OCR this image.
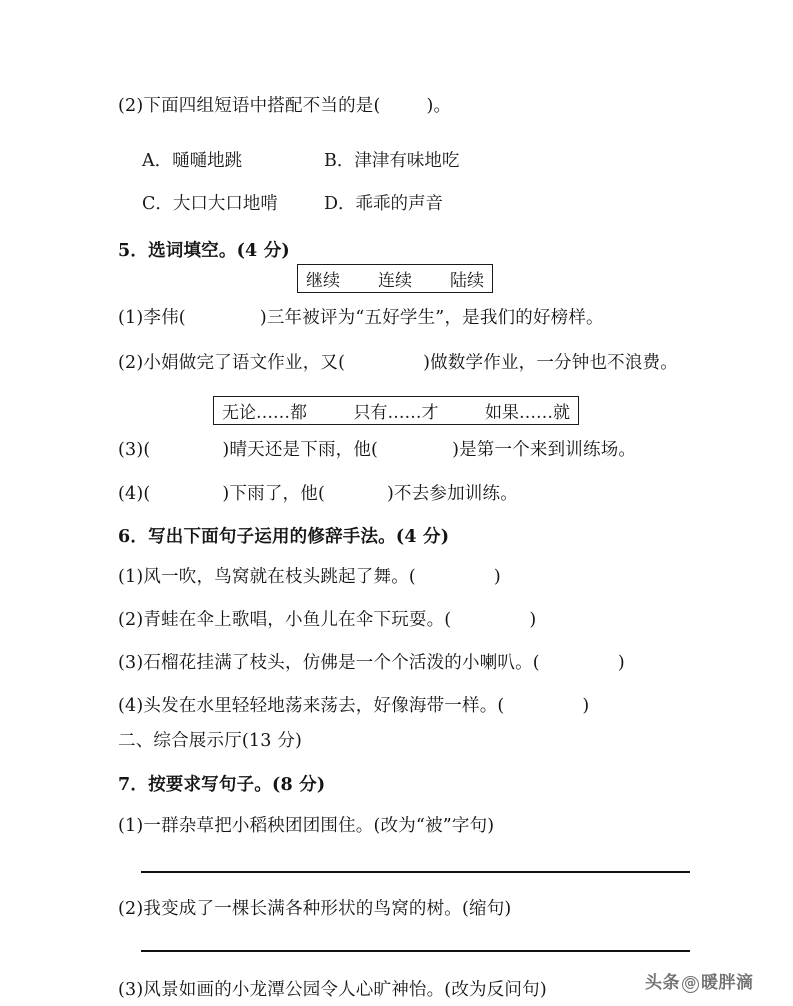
(2)下面四组短语中搭配不当的是(	)。
A．嗵嗵地跳	B．津津有味地吃
C．大口大口地啃	D．乖乖的声音
5．选词填空。(4 分)
继续 连续 陆续
(1)李伟(	)三年被评为“五好学生”，是我们的好榜样。
(2)小娟做完了语文作业，又(	)做数学作业，一分钟也不浪费。
无论……都	只有……才	如果……就
(3)(	)晴天还是下雨，他(	)是第一个来到训练场。
(4)(	)下雨了，他(	)不去参加训练。
6．写出下面句子运用的修辞手法。(4 分)
(1)风一吹，鸟窝就在枝头跳起了舞。(	)
(2)青蛙在伞上歌唱，小鱼儿在伞下玩耍。(	)
(3)石榴花挂满了枝头，仿佛是一个个活泼的小喇叭。(	)
(4)头发在水里轻轻地荡来荡去，好像海带一样。(	)
二、综合展示厅(13 分)
7．按要求写句子。(8 分)
(1)一群杂草把小稻秧团团围住。(改为“被”字句)
(2)我变成了一棵长满各种形状的鸟窝的树。(缩句)
(3)风景如画的小龙潭公园令人心旷神怡。(改为反问句)	头条 @ 暖胖滴
